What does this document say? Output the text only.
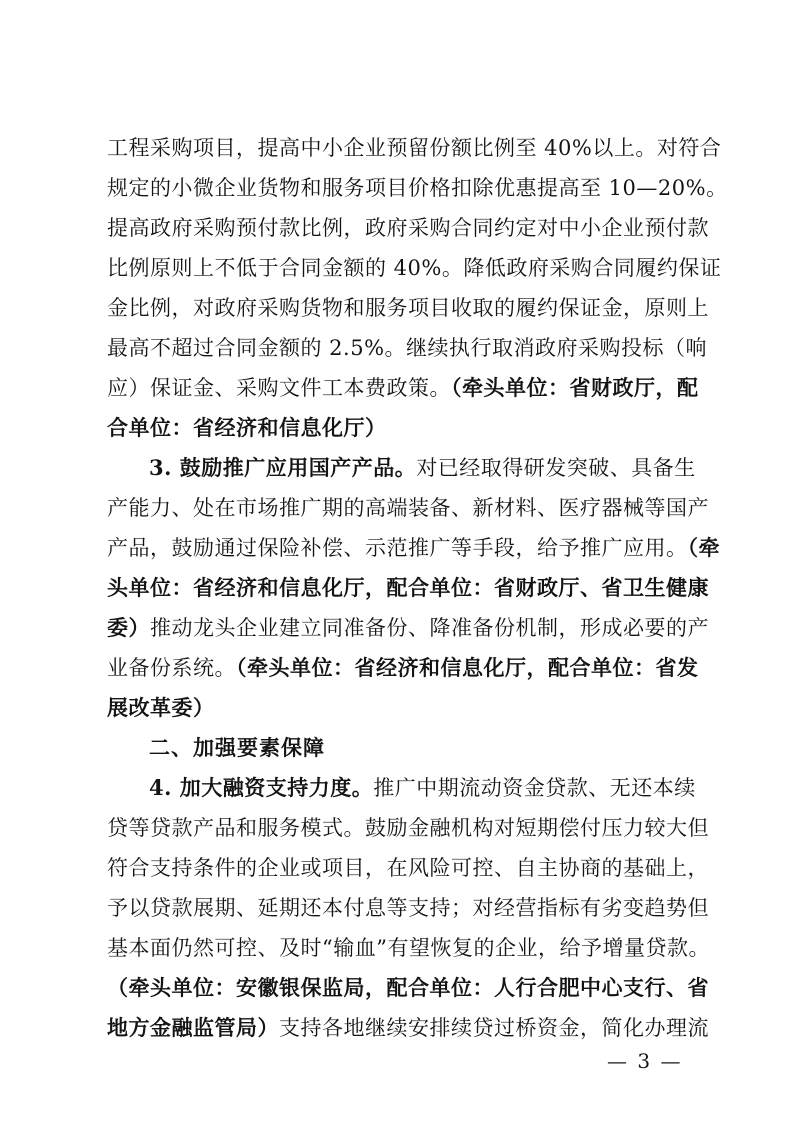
工程采购项目，提高中小企业预留份额比例至 40%以上。对符合
规定的小微企业货物和服务项目价格扣除优惠提高至 10—20%。
提高政府采购预付款比例，政府采购合同约定对中小企业预付款
比例原则上不低于合同金额的 40%。降低政府采购合同履约保证
金比例，对政府采购货物和服务项目收取的履约保证金，原则上
最高不超过合同金额的 2.5%。继续执行取消政府采购投标（响
应）保证金、采购文件工本费政策。（牵头单位：省财政厅，配
合单位：省经济和信息化厅）
3. 鼓励推广应用国产产品。对已经取得研发突破、具备生
产能力、处在市场推广期的高端装备、新材料、医疗器械等国产
产品，鼓励通过保险补偿、示范推广等手段，给予推广应用。（牵
头单位：省经济和信息化厅，配合单位：省财政厅、省卫生健康
委）推动龙头企业建立同准备份、降准备份机制，形成必要的产
业备份系统。（牵头单位：省经济和信息化厅，配合单位：省发
展改革委）
二、加强要素保障
4. 加大融资支持力度。推广中期流动资金贷款、无还本续
贷等贷款产品和服务模式。鼓励金融机构对短期偿付压力较大但
符合支持条件的企业或项目，在风险可控、自主协商的基础上，
予以贷款展期、延期还本付息等支持；对经营指标有劣变趋势但
基本面仍然可控、及时“输血”有望恢复的企业，给予增量贷款。
（牵头单位：安徽银保监局，配合单位：人行合肥中心支行、省
地方金融监管局）支持各地继续安排续贷过桥资金，简化办理流
— 3 —
